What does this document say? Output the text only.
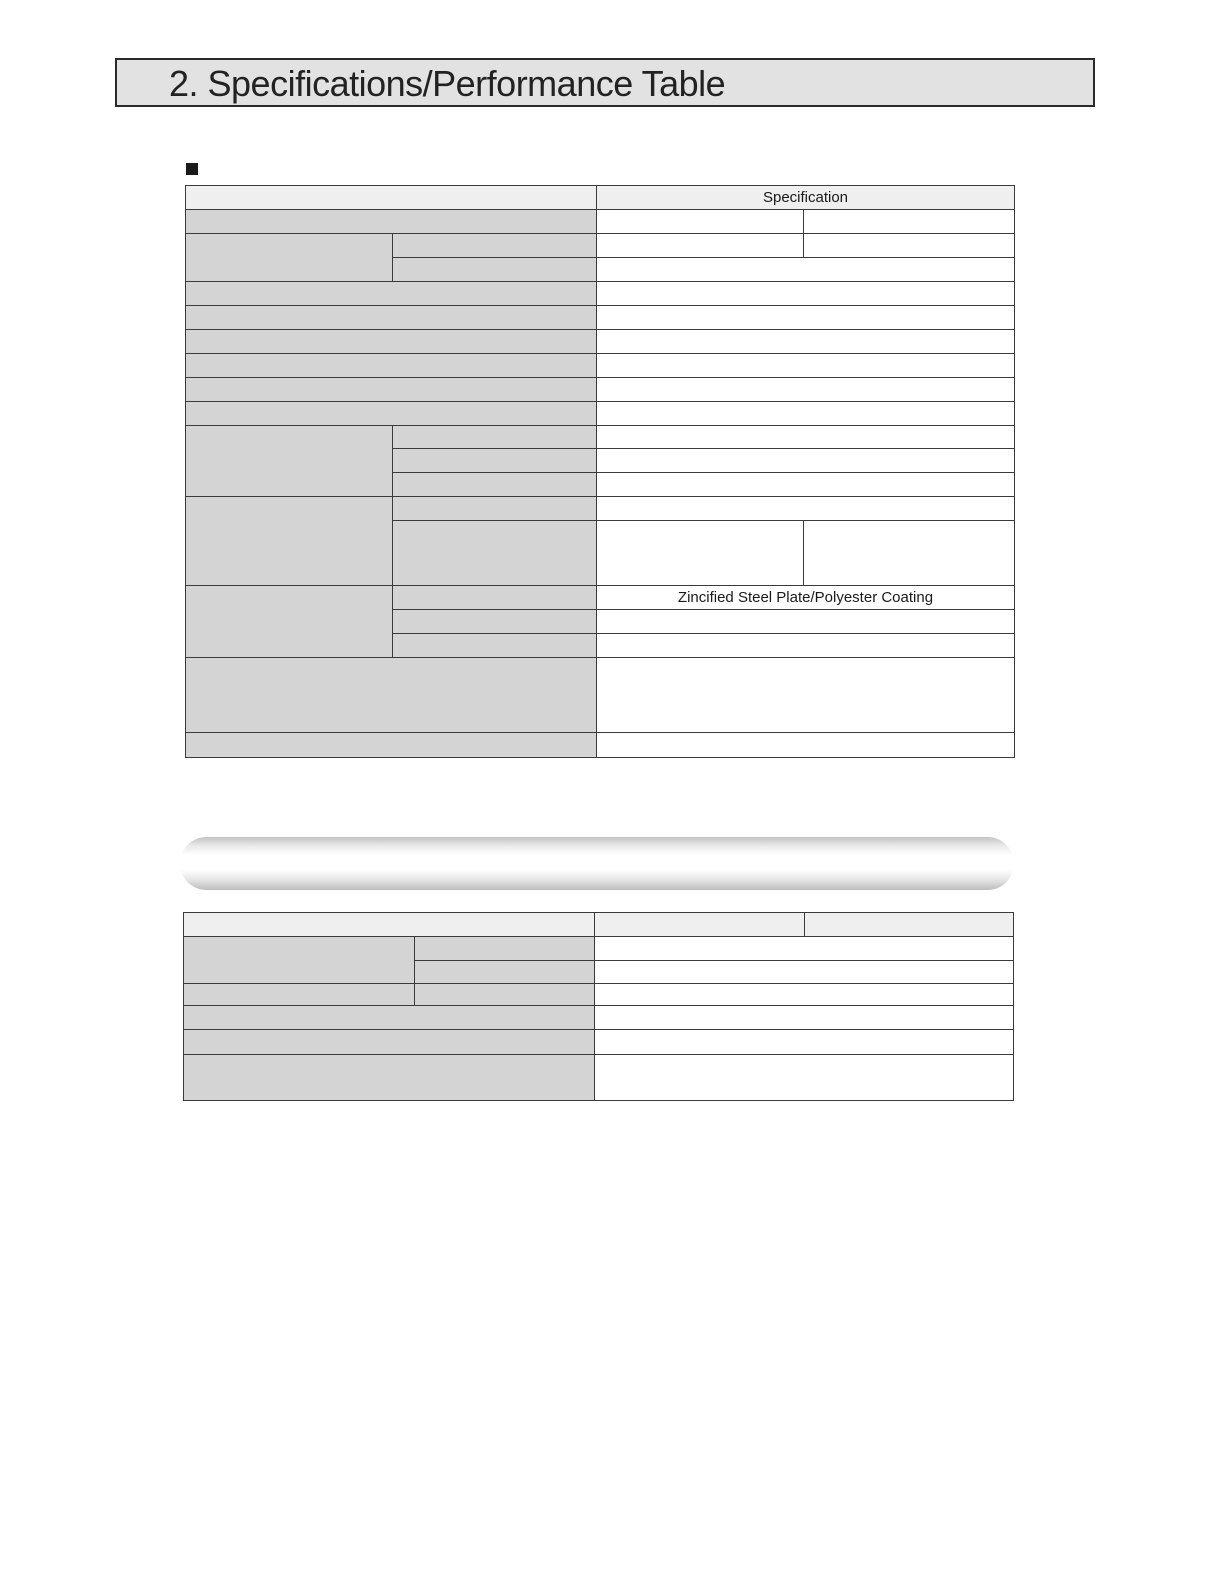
2. Specifications/Performance Table
		Specification	

		Zincified Steel Plate/Polyester Coating	
